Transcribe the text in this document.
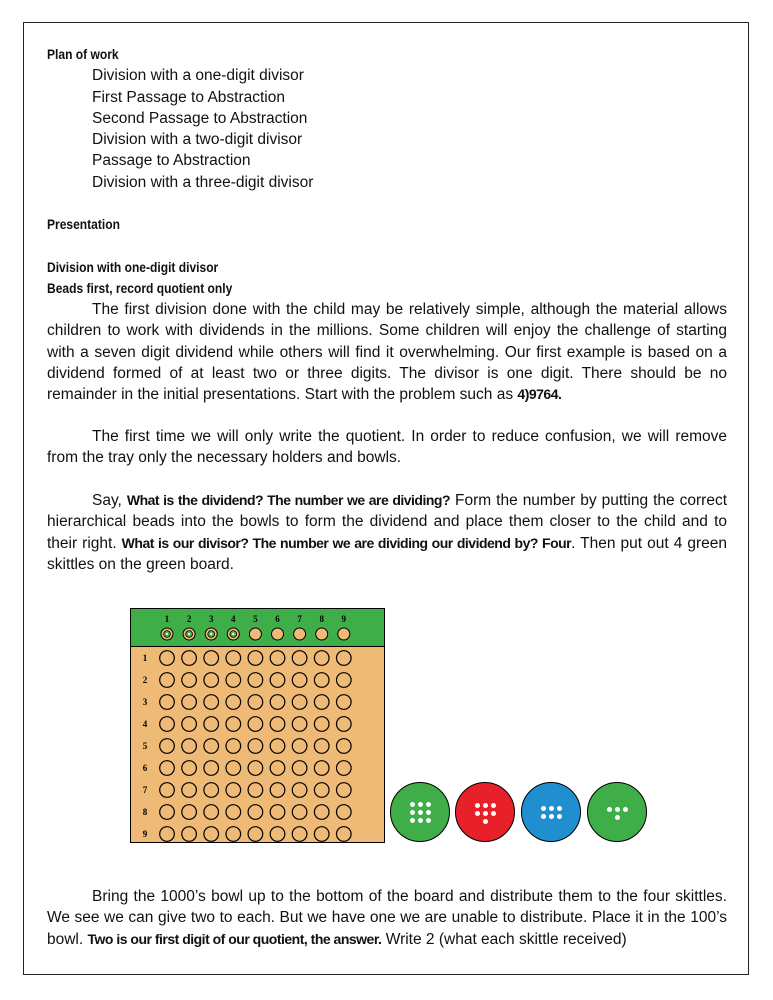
Plan of work
Division with a one-digit divisor
First Passage to Abstraction
Second Passage to Abstraction
Division with a two-digit divisor
Passage to Abstraction
Division with a three-digit divisor
Presentation
Division with one-digit divisor
Beads first, record quotient only

The first division done with the child may be relatively simple, although the material allows children to work with dividends in the millions. Some children will enjoy the challenge of starting with a seven digit dividend while others will find it overwhelming. Our first example is based on a dividend formed of at least two or three digits. The divisor is one digit. There should be no remainder in the initial presentations. Start with the problem such as 4)9764.

The first time we will only write the quotient. In order to reduce confusion, we will remove from the tray only the necessary holders and bowls.

Say, What is the dividend? The number we are dividing? Form the number by putting the correct hierarchical beads into the bowls to form the dividend and place them closer to the child and to their right. What is our divisor? The number we are dividing our dividend by? Four. Then put out 4 green skittles on the green board.

1 2 3 4 5 6 7 8 9
1
2
3
4
5
6
7
8
9

Bring the 1000’s bowl up to the bottom of the board and distribute them to the four skittles. We see we can give two to each. But we have one we are unable to distribute. Place it in the 100’s bowl. Two is our first digit of our quotient, the answer. Write 2 (what each skittle received)
